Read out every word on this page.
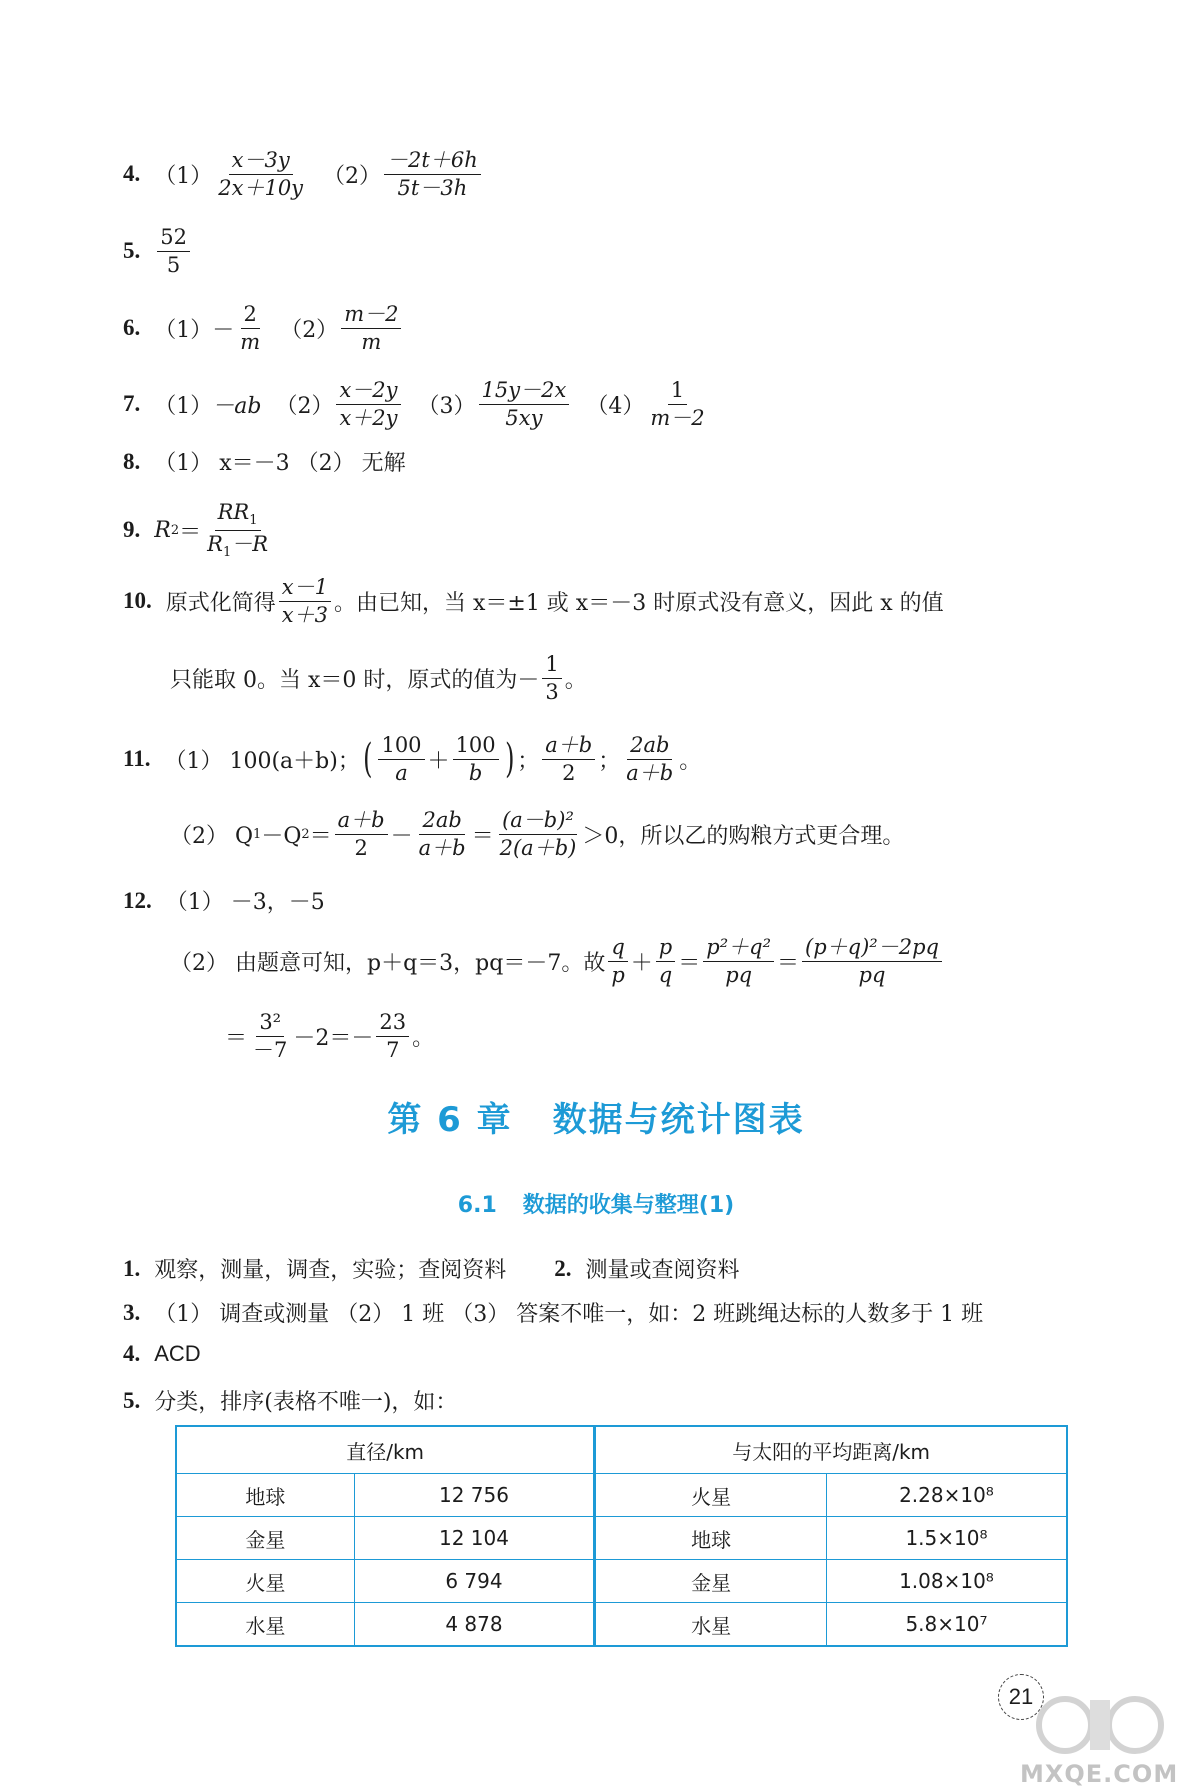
4. $(1) \frac{x-3y}{2x+10y} (2) \frac{-2t+6h}{5t-3h}$
5. $\frac{52}{5}$
6. $(1) - \frac{2}{m} (2) \frac{m-2}{m}$
7. （1） －ab $(2) \frac{x-2y}{x+2y} (3) \frac{15y-2x}{5xy} (4) \frac{1}{m-2}$
8. （1） x＝－3 （2） 无解
9. R $2 = \frac{RR_1}{R_1-R}$
10. 原式化简得 $\frac{x-1}{x+3}$ 。由已知，当 x＝±1 或 x＝－3 时原式没有意义，因此 x 的值
只能取 0。当 x＝0 时，原式的值为－ $\frac{1}{3}$ 。
11. （1） 100(a＋b)； ( $\frac{100}{a} + \frac{100}{b}$ ) ； $\frac{a+b}{2}$ ； $\frac{2ab}{a+b}$ 。
（2） Q 1 －Q $2 = \frac{a+b}{2} - \frac{2ab}{a+b} = \frac{\text{(a－b)²}}{2(a+b)} >0$，所以乙的购粮方式更合理。
12. （1） －3，－5
（2） 由题意可知，p＋q＝3，pq＝－7。故 $\frac{q}{p} + \frac{p}{q} = \frac{\text{p²＋q²}}{pq} = \frac{\text{(p＋q)²－2pq}}{pq}$
＝ $\frac{\text{3²}}{-7} -2=- \frac{23}{7}$ 。
第 6 章 数据与统计图表
6.1 数据的收集与整理(1)
1. 观察，测量，调查，实验；查阅资料 2. 测量或查阅资料
3. （1） 调查或测量 （2） 1 班 （3） 答案不唯一，如：2 班跳绳达标的人数多于 1 班
4. ACD
5. 分类，排序(表格不唯一)，如：
直径/km		与太阳的平均距离/km	
地球	12 756	火星	2.28×10⁸
金星	12 104	地球	1.5×10⁸
火星	6 794	金星	1.08×10⁸
水星	4 878	水星	5.8×10⁷
21
MXQE.COM
